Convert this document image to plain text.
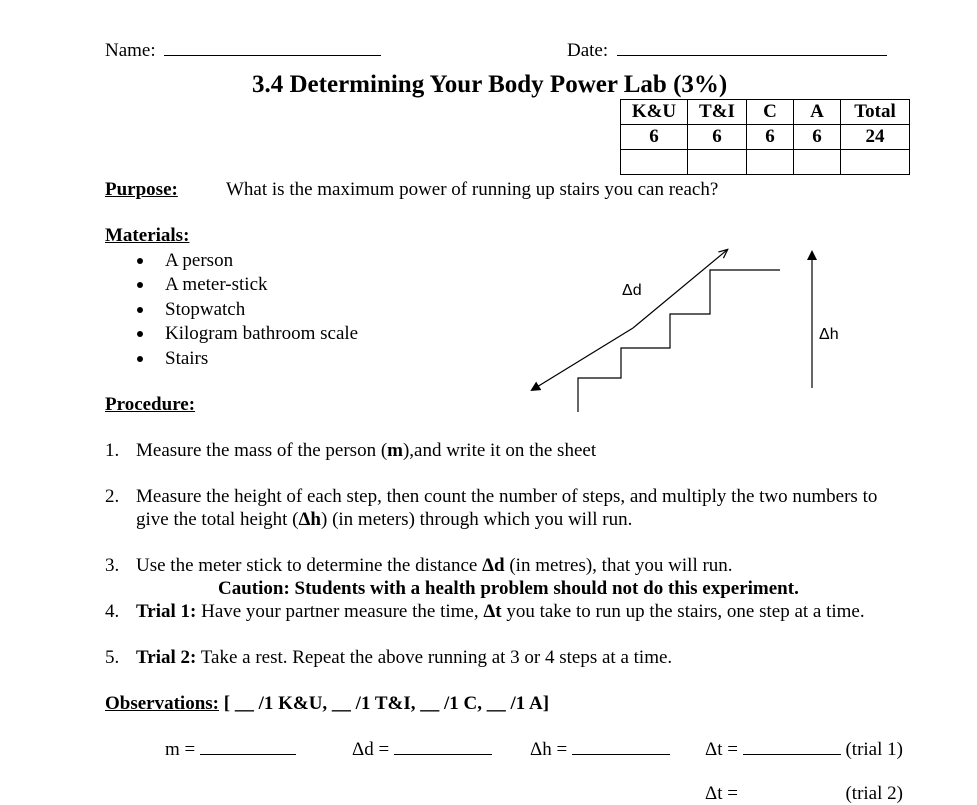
Name:	Date:
3.4 Determining Your Body Power Lab (3%)
K&U	T&I	C	A	Total
6	6	6	6	24

Purpose:	What is the maximum power of running up stairs you can reach?
Materials:
A person
A meter-stick
Stopwatch
Kilogram bathroom scale
Stairs
Δd
Δh
Procedure:
1. Measure the mass of the person (m),and write it on the sheet
2. Measure the height of each step, then count the number of steps, and multiply the two numbers to
give the total height (Δh) (in meters) through which you will run.
3. Use the meter stick to determine the distance Δd (in metres), that you will run.
Caution: Students with a health problem should not do this experiment.
4. Trial 1: Have your partner measure the time, Δt you take to run up the stairs, one step at a time.
5. Trial 2: Take a rest. Repeat the above running at 3 or 4 steps at a time.
Observations: [ __ /1 K&U, __ /1 T&I, __ /1 C, __ /1 A]
m =	Δd =	Δh =	Δt =	(trial 1)
Δt =	(trial 2)
